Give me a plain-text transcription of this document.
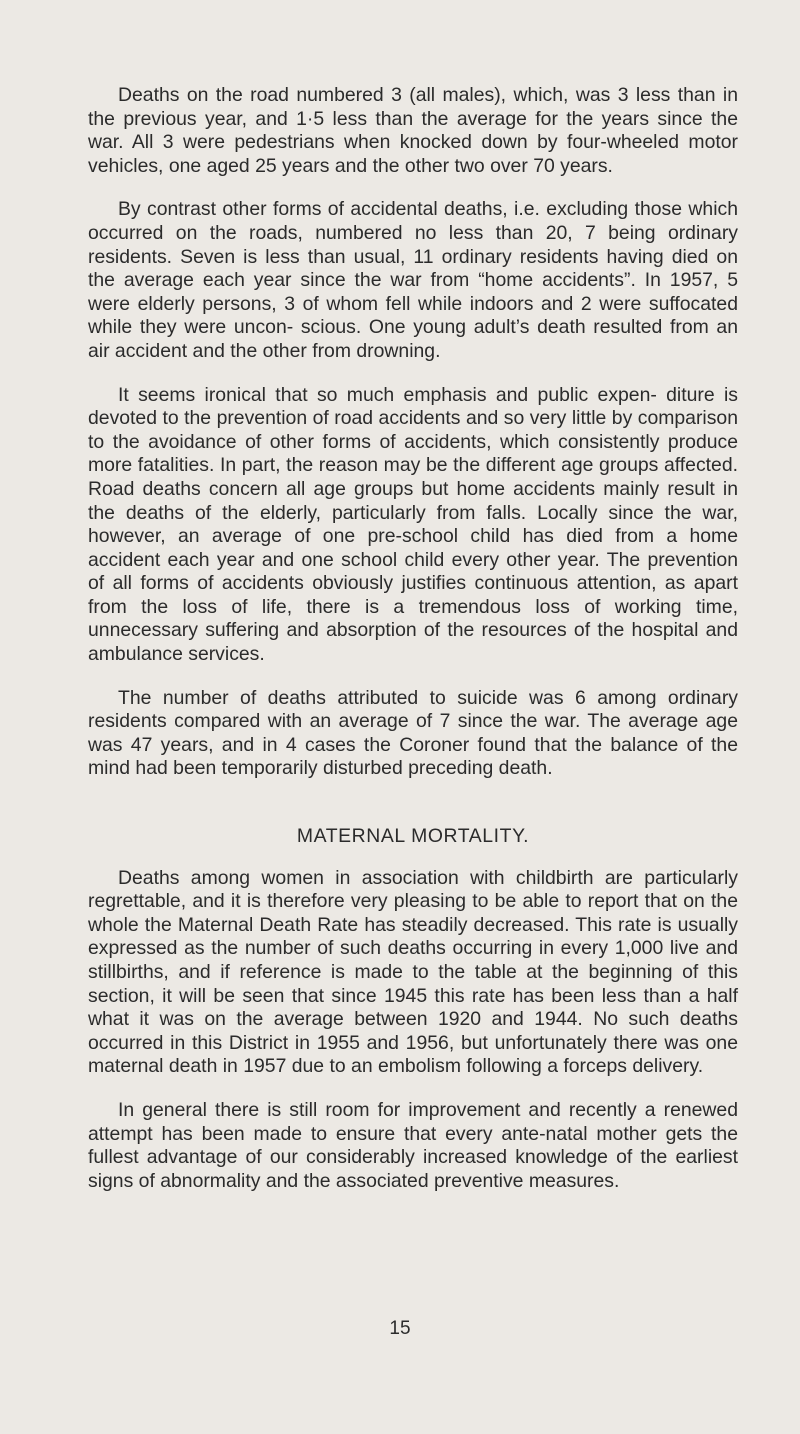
Deaths on the road numbered 3 (all males), which, was 3 less than in the previous year, and 1·5 less than the average for the years since the war. All 3 were pedestrians when knocked down by four-wheeled motor vehicles, one aged 25 years and the other two over 70 years.

By contrast other forms of accidental deaths, i.e. excluding those which occurred on the roads, numbered no less than 20, 7 being ordinary residents. Seven is less than usual, 11 ordinary residents having died on the average each year since the war from “home accidents”. In 1957, 5 were elderly persons, 3 of whom fell while indoors and 2 were suffocated while they were uncon- scious. One young adult’s death resulted from an air accident and the other from drowning.

It seems ironical that so much emphasis and public expen- diture is devoted to the prevention of road accidents and so very little by comparison to the avoidance of other forms of accidents, which consistently produce more fatalities. In part, the reason may be the different age groups affected. Road deaths concern all age groups but home accidents mainly result in the deaths of the elderly, particularly from falls. Locally since the war, however, an average of one pre-school child has died from a home accident each year and one school child every other year. The prevention of all forms of accidents obviously justifies continuous attention, as apart from the loss of life, there is a tremendous loss of working time, unnecessary suffering and absorption of the resources of the hospital and ambulance services.

The number of deaths attributed to suicide was 6 among ordinary residents compared with an average of 7 since the war. The average age was 47 years, and in 4 cases the Coroner found that the balance of the mind had been temporarily disturbed preceding death.

MATERNAL MORTALITY.

Deaths among women in association with childbirth are particularly regrettable, and it is therefore very pleasing to be able to report that on the whole the Maternal Death Rate has steadily decreased. This rate is usually expressed as the number of such deaths occurring in every 1,000 live and stillbirths, and if reference is made to the table at the beginning of this section, it will be seen that since 1945 this rate has been less than a half what it was on the average between 1920 and 1944. No such deaths occurred in this District in 1955 and 1956, but unfortunately there was one maternal death in 1957 due to an embolism following a forceps delivery.

In general there is still room for improvement and recently a renewed attempt has been made to ensure that every ante-natal mother gets the fullest advantage of our considerably increased knowledge of the earliest signs of abnormality and the associated preventive measures.

15
